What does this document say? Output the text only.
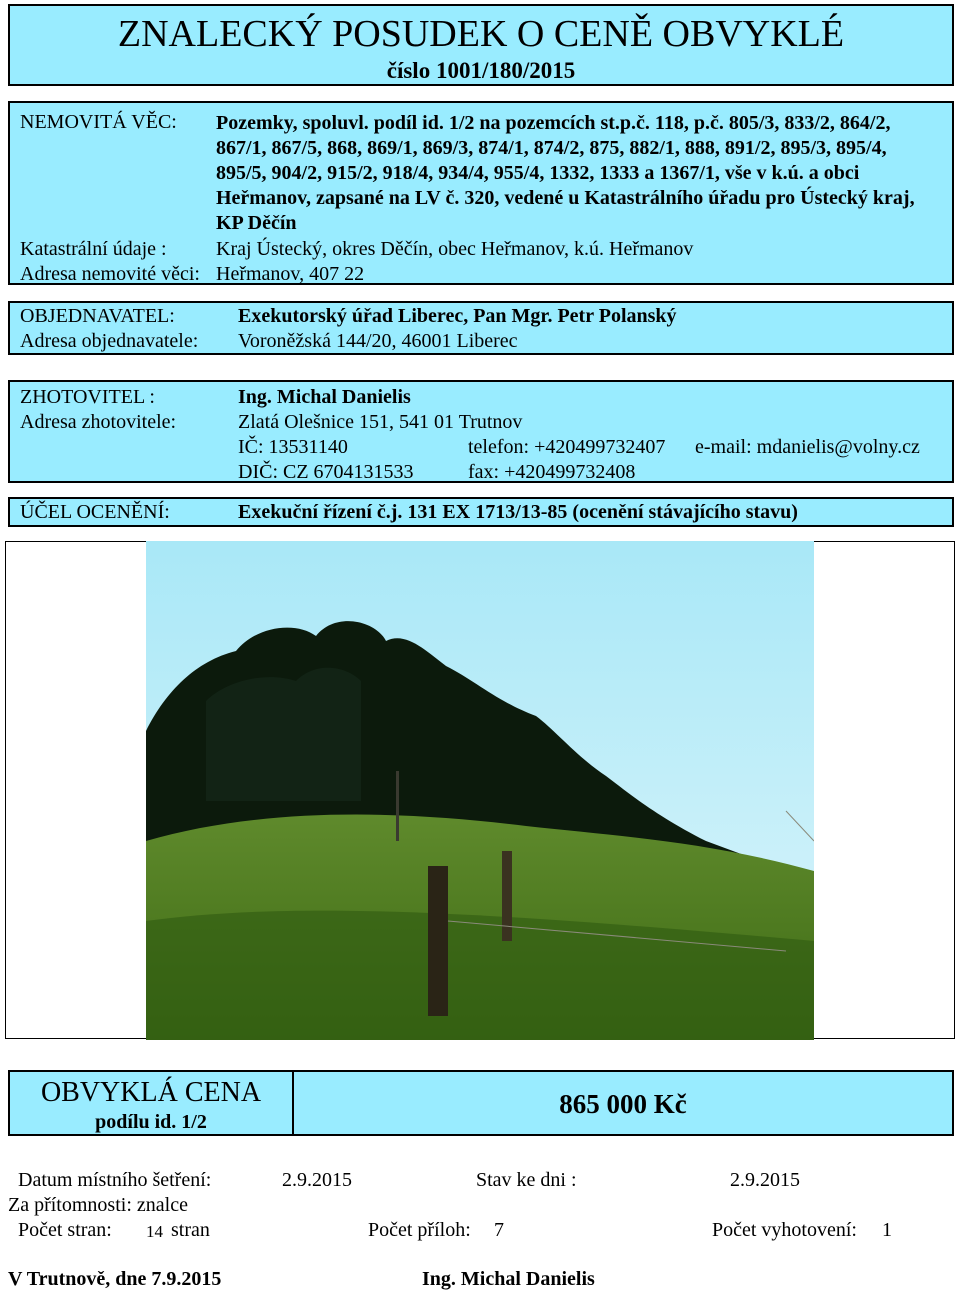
ZNALECKÝ POSUDEK O CENĚ OBVYKLÉ
číslo 1001/180/2015
NEMOVITÁ VĚC: Pozemky, spoluvl. podíl id. 1/2 na pozemcích st.p.č. 118, p.č. 805/3, 833/2, 864/2, 867/1, 867/5, 868, 869/1, 869/3, 874/1, 874/2, 875, 882/1, 888, 891/2, 895/3, 895/4, 895/5, 904/2, 915/2, 918/4, 934/4, 955/4, 1332, 1333 a 1367/1, vše v k.ú. a obci Heřmanov, zapsané na LV č. 320, vedené u Katastrálního úřadu pro Ústecký kraj, KP Děčín
Katastrální údaje : Kraj Ústecký, okres Děčín, obec Heřmanov, k.ú. Heřmanov
Adresa nemovité věci: Heřmanov, 407 22
OBJEDNAVATEL:	Exekutorský úřad Liberec, Pan Mgr. Petr Polanský
Adresa objednavatele: Voroněžská 144/20, 46001 Liberec
ZHOTOVITEL :	Ing. Michal Danielis
Adresa zhotovitele:	Zlatá Olešnice 151, 541 01 Trutnov
IČ: 13531140	telefon: +420499732407 e-mail: mdanielis@volny.cz
DIČ: CZ 6704131533	fax: +420499732408
ÚČEL OCENĚNÍ:	Exekuční řízení č.j. 131 EX 1713/13-85 (ocenění stávajícího stavu)
OBVYKLÁ CENA
podílu id. 1/2
865 000 Kč
Datum místního šetření:	2.9.2015	Stav ke dni :	2.9.2015
Za přítomnosti: znalce
Počet stran: 14 stran	Počet příloh: 7	Počet vyhotovení: 1
V Trutnově, dne 7.9.2015	Ing. Michal Danielis
